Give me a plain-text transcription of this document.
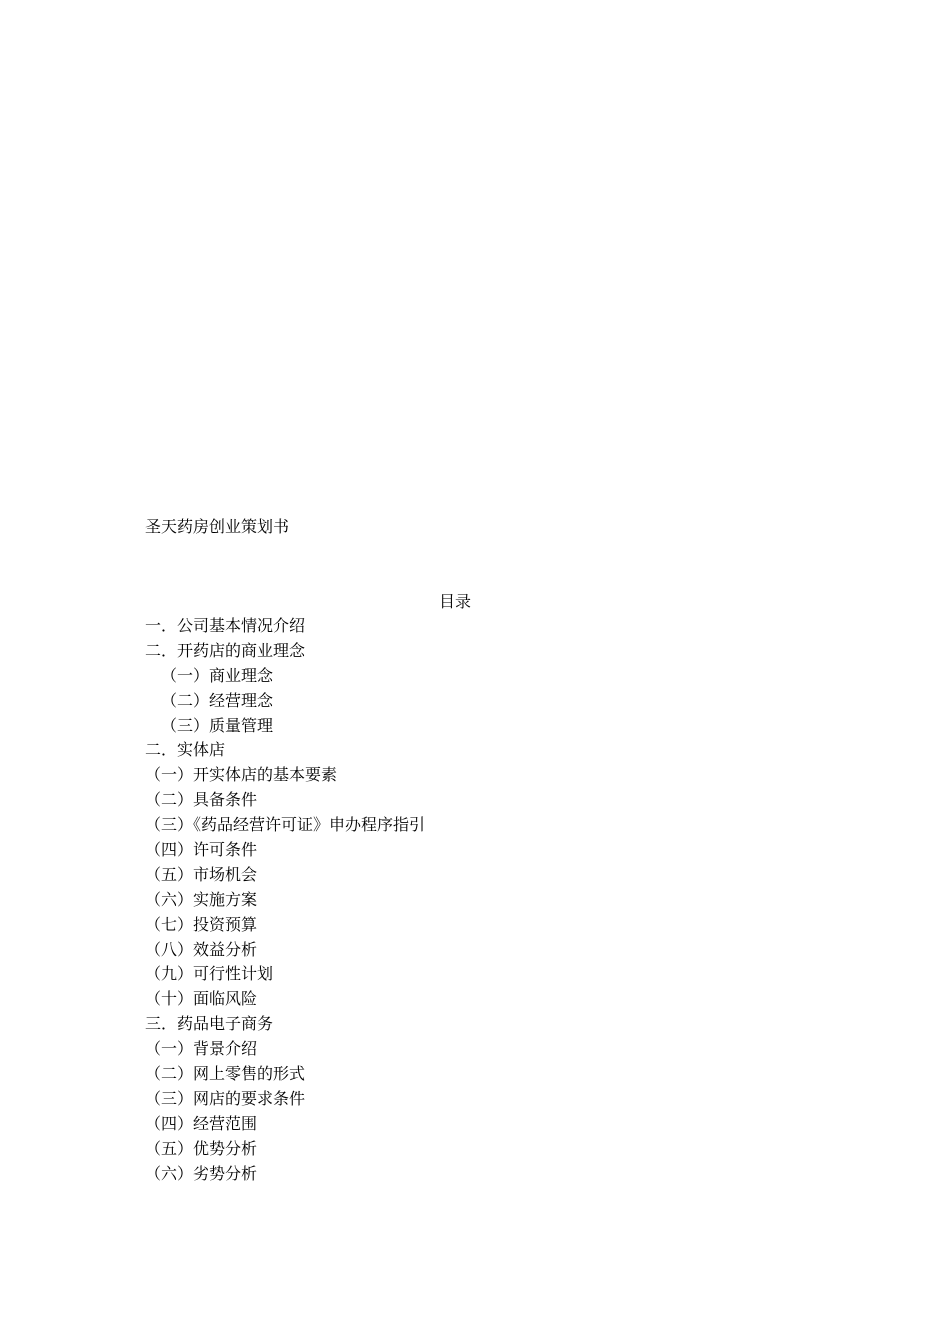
圣天药房创业策划书
目录
一．公司基本情况介绍
二．开药店的商业理念
（一）商业理念
（二）经营理念
（三）质量管理
二．实体店
（一）开实体店的基本要素
（二）具备条件
（三）《药品经营许可证》申办程序指引
（四）许可条件
（五）市场机会
（六）实施方案
（七）投资预算
（八）效益分析
（九）可行性计划
（十）面临风险
三．药品电子商务
（一）背景介绍
（二）网上零售的形式
（三）网店的要求条件
（四）经营范围
（五）优势分析
（六）劣势分析
